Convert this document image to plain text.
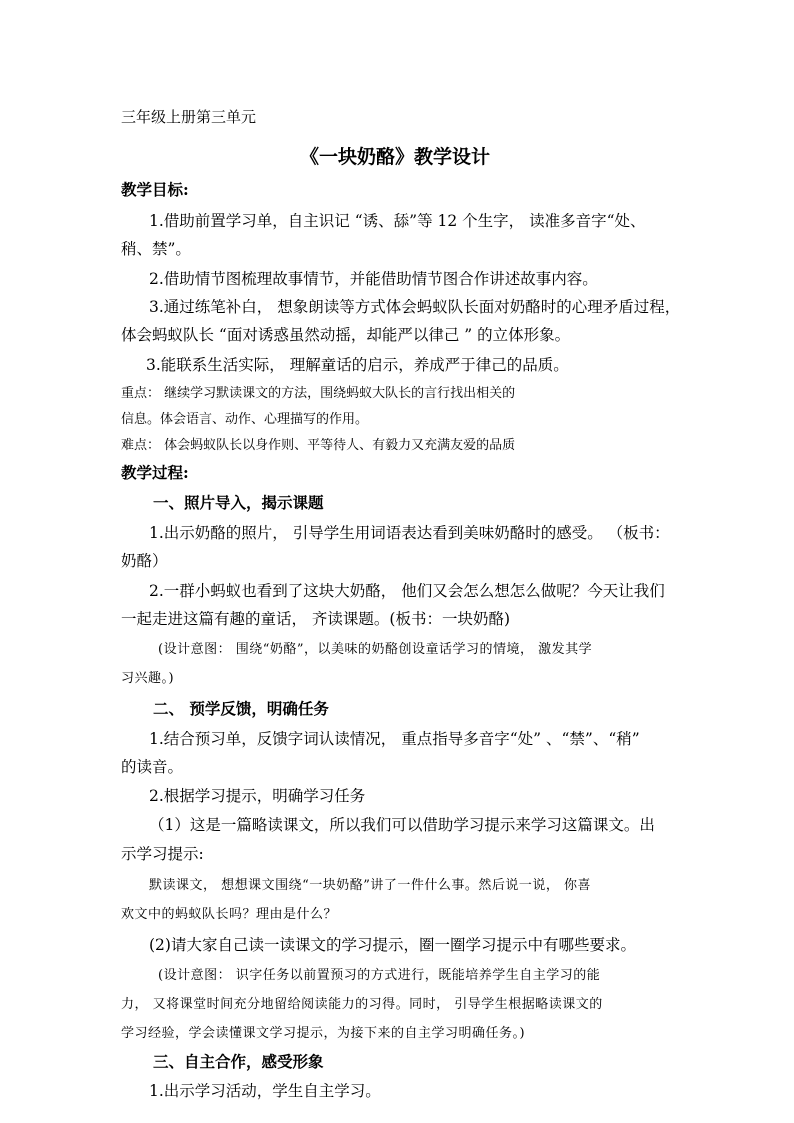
三年级上册第三单元
《一块奶酪》教学设计
教学目标:
1.借助前置学习单，自主识记 “诱、舔”等 12 个生字， 读准多音字“处、
稍、禁”。
2.借助情节图梳理故事情节，并能借助情节图合作讲述故事内容。
3.通过练笔补白， 想象朗读等方式体会蚂蚁队长面对奶酪时的心理矛盾过程，
体会蚂蚁队长 “面对诱惑虽然动摇，却能严以律己 ” 的立体形象。
3.能联系生活实际， 理解童话的启示，养成严于律己的品质。
重点： 继续学习默读课文的方法，围绕蚂蚁大队长的言行找出相关的
信息。体会语言、动作、心理描写的作用。
难点： 体会蚂蚁队长以身作则、平等待人、有毅力又充满友爱的品质
教学过程:
一、照片导入，揭示课题
1.出示奶酪的照片， 引导学生用词语表达看到美味奶酪时的感受。 （板书：
奶酪）
2.一群小蚂蚁也看到了这块大奶酪， 他们又会怎么想怎么做呢？今天让我们
一起走进这篇有趣的童话， 齐读课题。(板书：一块奶酪)
(设计意图： 围绕“奶酪”，以美味的奶酪创设童话学习的情境， 激发其学
习兴趣。)
二、 预学反馈，明确任务
1.结合预习单，反馈字词认读情况， 重点指导多音字“处” 、“禁”、“稍”
的读音。
2.根据学习提示，明确学习任务
（1）这是一篇略读课文，所以我们可以借助学习提示来学习这篇课文。出
示学习提示:
默读课文， 想想课文围绕“一块奶酪”讲了一件什么事。然后说一说， 你喜
欢文中的蚂蚁队长吗？理由是什么？
(2)请大家自己读一读课文的学习提示，圈一圈学习提示中有哪些要求。
(设计意图： 识字任务以前置预习的方式进行，既能培养学生自主学习的能
力， 又将课堂时间充分地留给阅读能力的习得。同时， 引导学生根据略读课文的
学习经验，学会读懂课文学习提示，为接下来的自主学习明确任务。)
三、自主合作，感受形象
1.出示学习活动，学生自主学习。
